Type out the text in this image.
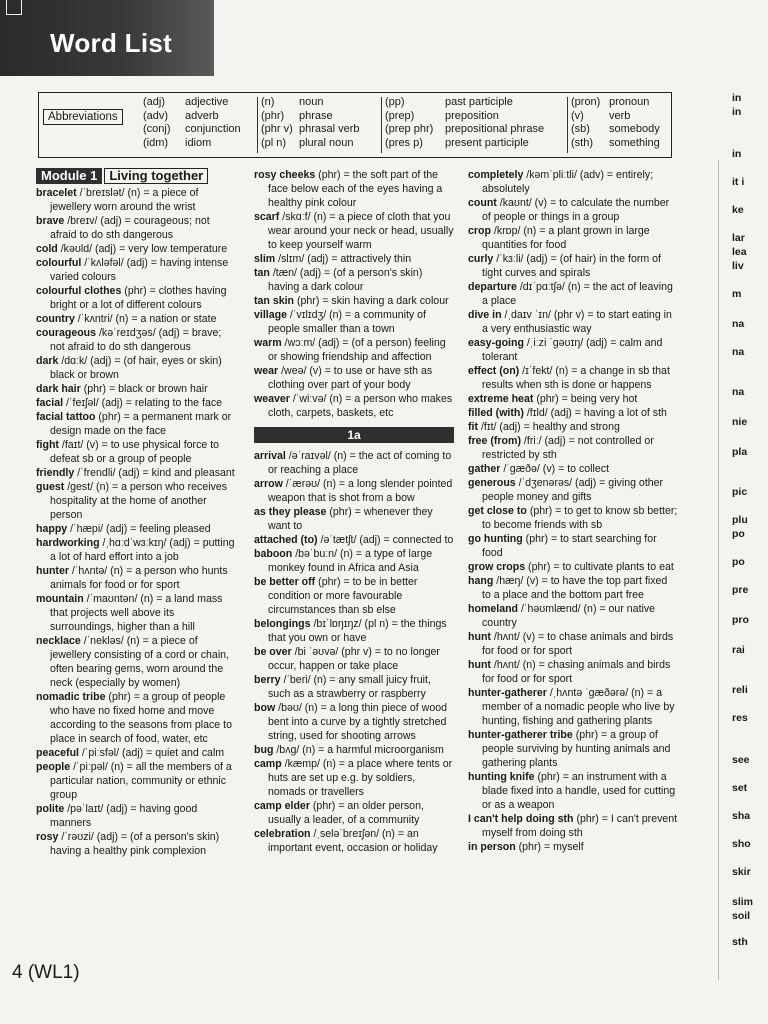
Word List
Abbreviations
(adj)	adjective
(adv)	adverb
(conj)	conjunction
(idm)	idiom
(n)	noun
(phr)	phrase
(phr v) phrasal verb
(pl n)	plural noun
(pp)	past participle
(prep)	preposition
(prep phr)	prepositional phrase
(pres p)	present participle
(pron) pronoun
(v)	verb
(sb)	somebody
(sth)	something
Module 1 Living together
bracelet /ˈbreɪslət/ (n) = a piece of jewellery worn around the wrist
brave /breɪv/ (adj) = courageous; not afraid to do sth dangerous
cold /kəʊld/ (adj) = very low temperature
colourful /ˈkʌləfəl/ (adj) = having intense varied colours
colourful clothes (phr) = clothes having bright or a lot of different colours
country /ˈkʌntri/ (n) = a nation or state
courageous /kəˈreɪdʒəs/ (adj) = brave; not afraid to do sth dangerous
dark /dɑːk/ (adj) = (of hair, eyes or skin) black or brown
dark hair (phr) = black or brown hair
facial /ˈfeɪʃəl/ (adj) = relating to the face
facial tattoo (phr) = a permanent mark or design made on the face
fight /faɪt/ (v) = to use physical force to defeat sb or a group of people
friendly /ˈfrendli/ (adj) = kind and pleasant
guest /gest/ (n) = a person who receives hospitality at the home of another person
happy /ˈhæpi/ (adj) = feeling pleased
hardworking /ˌhɑːdˈwɜːkɪŋ/ (adj) = putting a lot of hard effort into a job
hunter /ˈhʌntə/ (n) = a person who hunts animals for food or for sport
mountain /ˈmaʊntən/ (n) = a land mass that projects well above its surroundings, higher than a hill
necklace /ˈnekləs/ (n) = a piece of jewellery consisting of a cord or chain, often bearing gems, worn around the neck (especially by women)
nomadic tribe (phr) = a group of people who have no fixed home and move according to the seasons from place to place in search of food, water, etc
peaceful /ˈpiːsfəl/ (adj) = quiet and calm
people /ˈpiːpəl/ (n) = all the members of a particular nation, community or ethnic group
polite /pəˈlaɪt/ (adj) = having good manners
rosy /ˈrəʊzi/ (adj) = (of a person's skin) having a healthy pink complexion
rosy cheeks (phr) = the soft part of the face below each of the eyes having a healthy pink colour
scarf /skɑːf/ (n) = a piece of cloth that you wear around your neck or head, usually to keep yourself warm
slim /slɪm/ (adj) = attractively thin
tan /tæn/ (adj) = (of a person's skin) having a dark colour
tan skin (phr) = skin having a dark colour
village /ˈvɪlɪdʒ/ (n) = a community of people smaller than a town
warm /wɔːm/ (adj) = (of a person) feeling or showing friendship and affection
wear /weə/ (v) = to use or have sth as clothing over part of your body
weaver /ˈwiːvə/ (n) = a person who makes cloth, carpets, baskets, etc
1a
arrival /əˈraɪvəl/ (n) = the act of coming to or reaching a place
arrow /ˈærəʊ/ (n) = a long slender pointed weapon that is shot from a bow
as they please (phr) = whenever they want to
attached (to) /əˈtætʃt/ (adj) = connected to
baboon /bəˈbuːn/ (n) = a type of large monkey found in Africa and Asia
be better off (phr) = to be in better condition or more favourable circumstances than sb else
belongings /bɪˈlɒŋɪŋz/ (pl n) = the things that you own or have
be over /bi ˈəʊvə/ (phr v) = to no longer occur, happen or take place
berry /ˈberi/ (n) = any small juicy fruit, such as a strawberry or raspberry
bow /bəʊ/ (n) = a long thin piece of wood bent into a curve by a tightly stretched string, used for shooting arrows
bug /bʌg/ (n) = a harmful microorganism
camp /kæmp/ (n) = a place where tents or huts are set up e.g. by soldiers, nomads or travellers
camp elder (phr) = an older person, usually a leader, of a community
celebration /ˌseləˈbreɪʃən/ (n) = an important event, occasion or holiday
completely /kəmˈpliːtli/ (adv) = entirely; absolutely
count /kaʊnt/ (v) = to calculate the number of people or things in a group
crop /krɒp/ (n) = a plant grown in large quantities for food
curly /ˈkɜːli/ (adj) = (of hair) in the form of tight curves and spirals
departure /dɪˈpɑːtʃə/ (n) = the act of leaving a place
dive in /ˌdaɪv ˈɪn/ (phr v) = to start eating in a very enthusiastic way
easy-going /ˌiːzi ˈgəʊɪŋ/ (adj) = calm and tolerant
effect (on) /ɪˈfekt/ (n) = a change in sb that results when sth is done or happens
extreme heat (phr) = being very hot
filled (with) /fɪld/ (adj) = having a lot of sth
fit /fɪt/ (adj) = healthy and strong
free (from) /friː/ (adj) = not controlled or restricted by sth
gather /ˈgæðə/ (v) = to collect
generous /ˈdʒenərəs/ (adj) = giving other people money and gifts
get close to (phr) = to get to know sb better; to become friends with sb
go hunting (phr) = to start searching for food
grow crops (phr) = to cultivate plants to eat
hang /hæŋ/ (v) = to have the top part fixed to a place and the bottom part free
homeland /ˈhəʊmlænd/ (n) = our native country
hunt /hʌnt/ (v) = to chase animals and birds for food or for sport
hunt /hʌnt/ (n) = chasing animals and birds for food or for sport
hunter-gatherer /ˌhʌntə ˈgæðərə/ (n) = a member of a nomadic people who live by hunting, fishing and gathering plants
hunter-gatherer tribe (phr) = a group of people surviving by hunting animals and gathering plants
hunting knife (phr) = an instrument with a blade fixed into a handle, used for cutting or as a weapon
I can't help doing sth (phr) = I can't prevent myself from doing sth
in person (phr) = myself
in
in
in
it i
ke
lar
lea
liv
m
na
na
na
nie
pla
pic
plu
po
po
pre
pro
rai
reli
res
see
set
sha
sho
skir
slim
soil
sth
4 (WL1)
